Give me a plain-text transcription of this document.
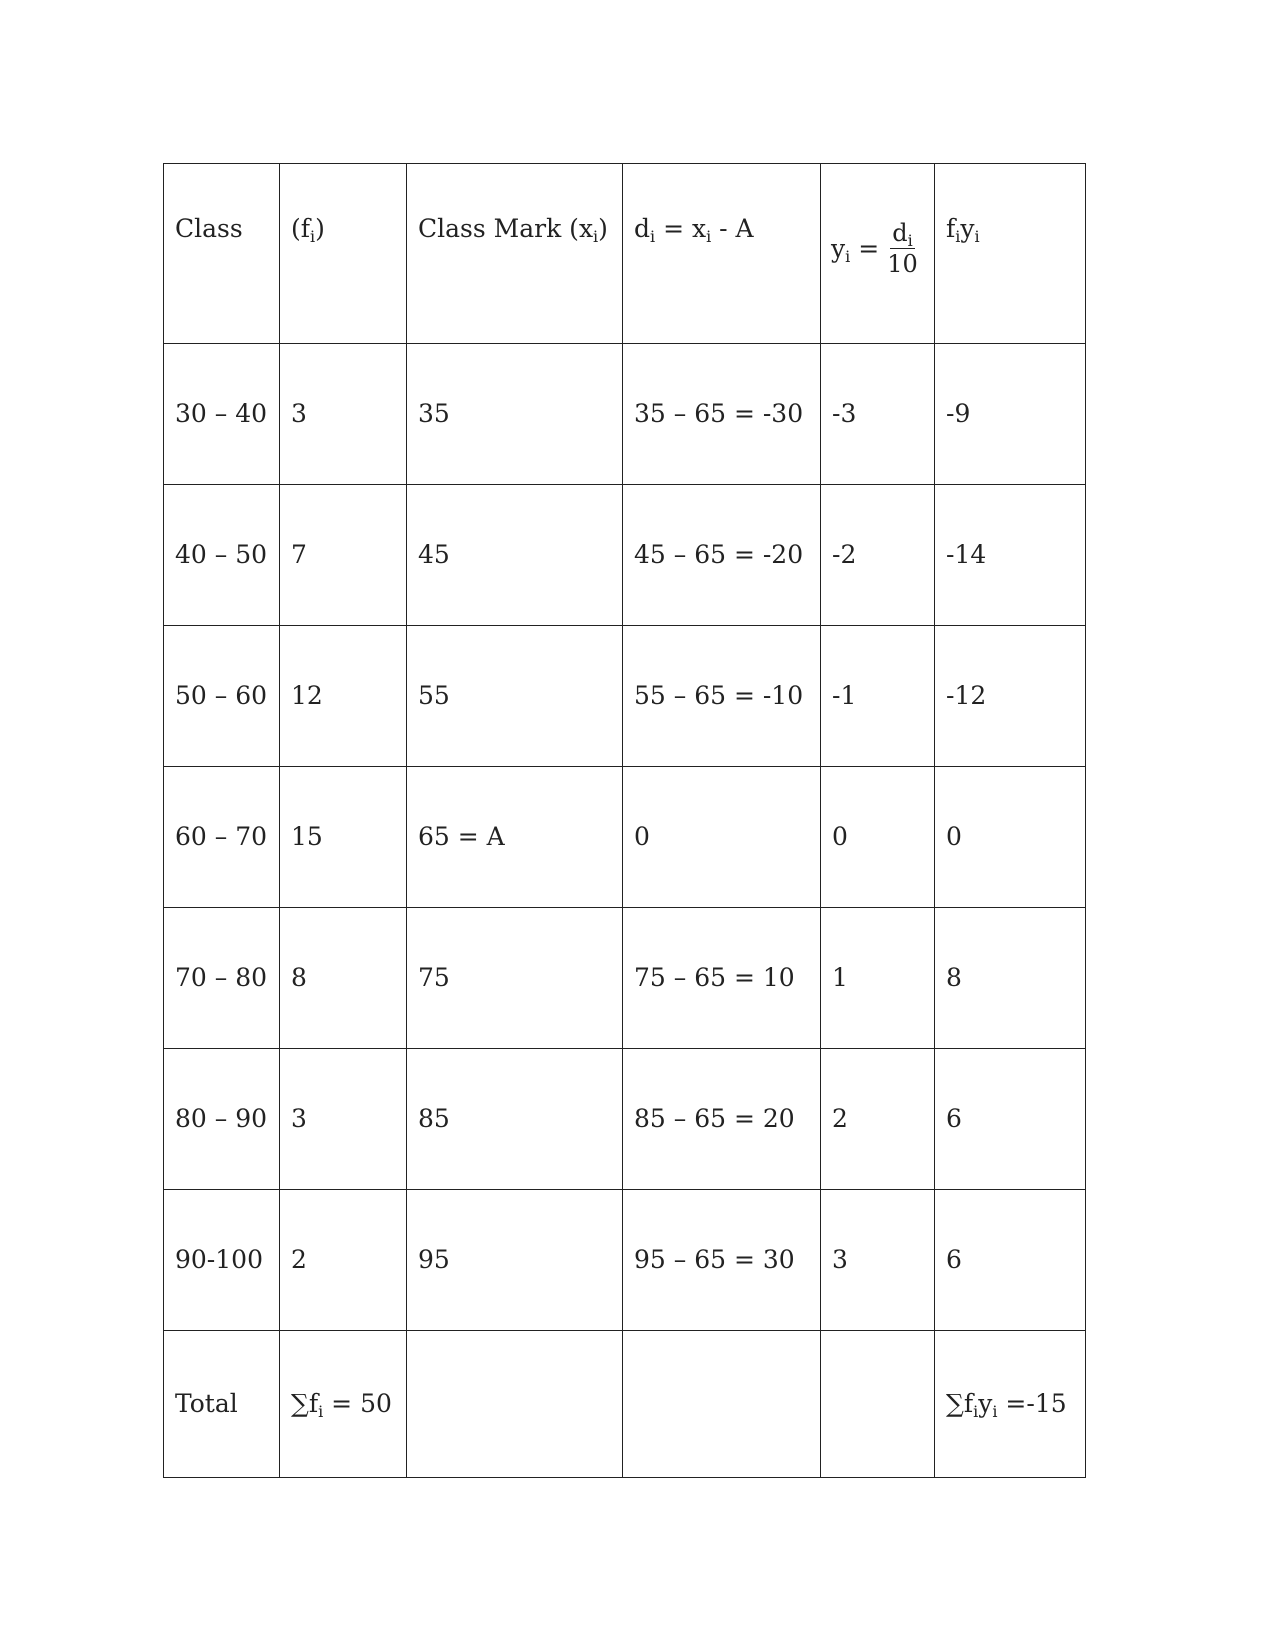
Class	$(f_i)$	Class Mark $(x_i)$	$d_i = x_i - A$	$y_i = \frac{d_i}{10}$	$f_iy_i$
30 – 40	3	35	35 – 65 = -30	-3	-9
40 – 50	7	45	45 – 65 = -20	-2	-14
50 – 60	12	55	55 – 65 = -10	-1	-12
60 – 70	15	65 = A	0	0	0
70 – 80	8	75	75 – 65 = 10	1	8
80 – 90	3	85	85 – 65 = 20	2	6
90-100	2	95	95 – 65 = 30	3	6
Total	$\sum f_i = 50$				$\sum f_iy_i =-15$
